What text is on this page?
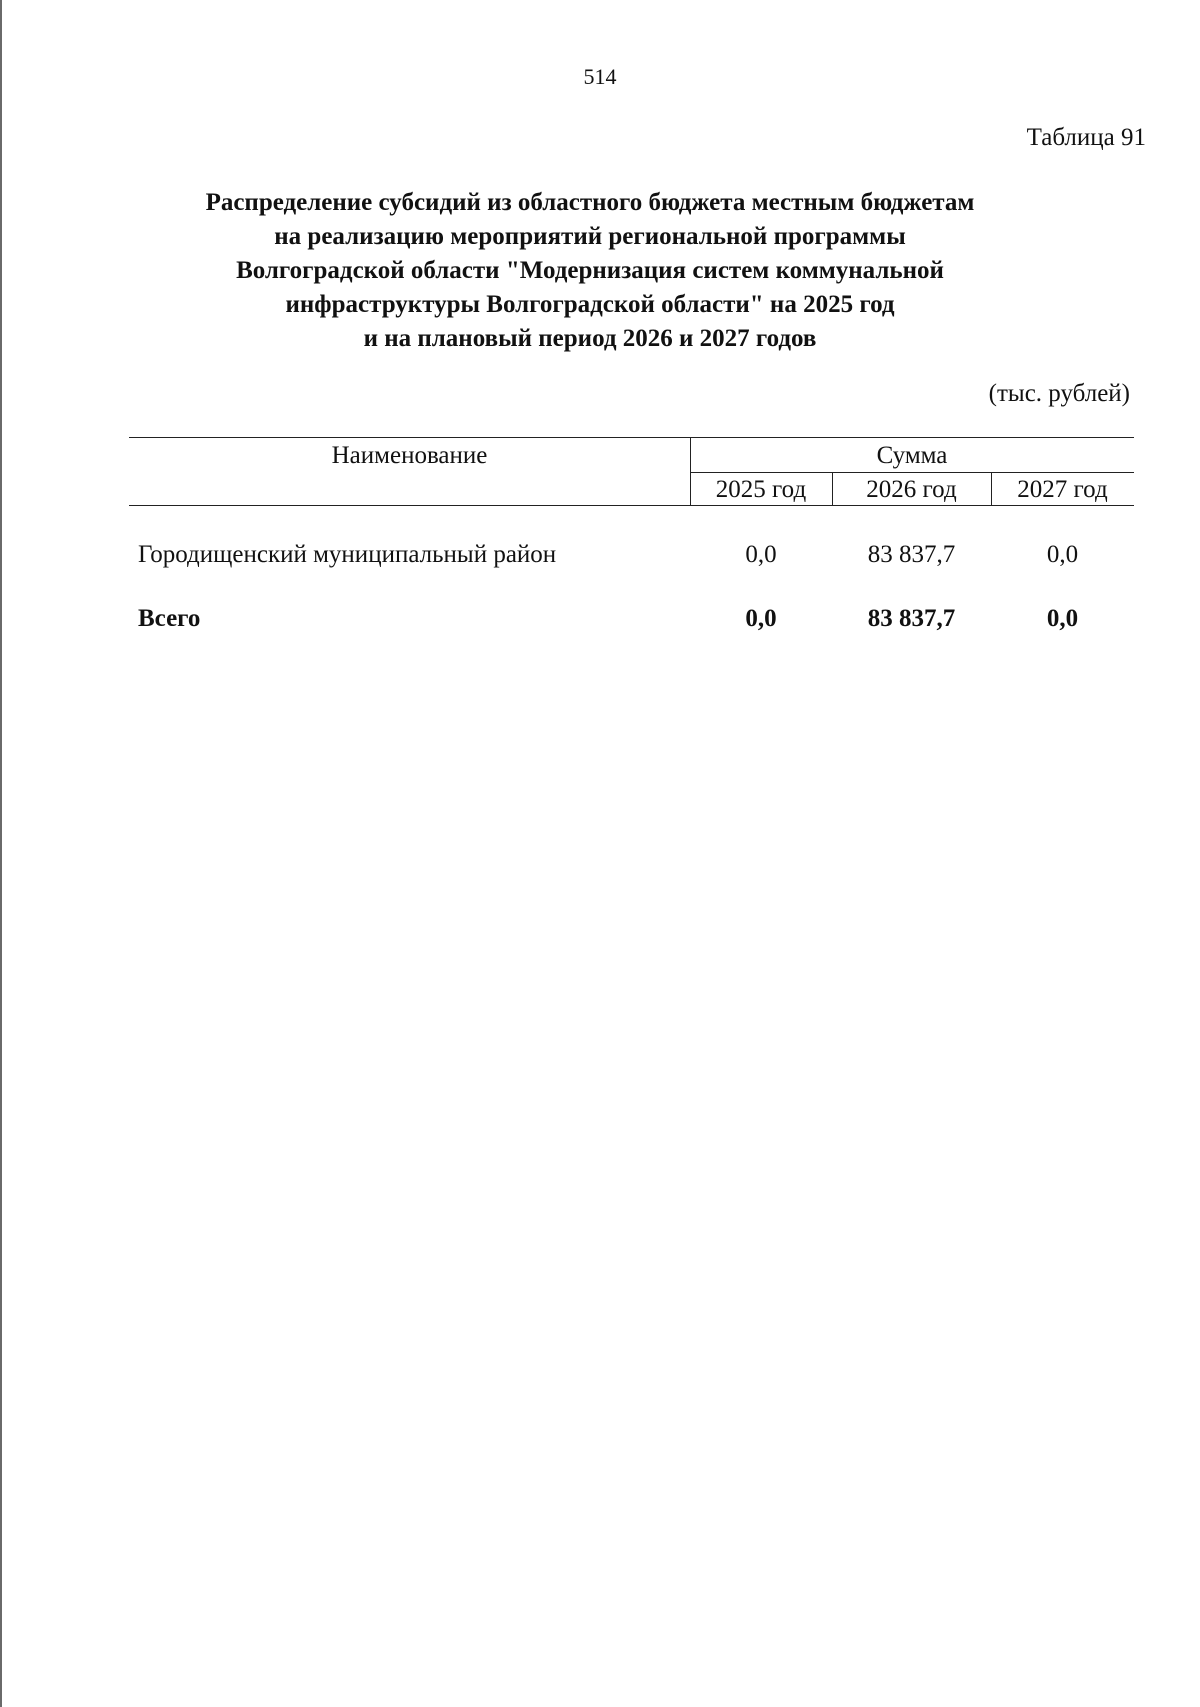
514
Таблица 91
Распределение субсидий из областного бюджета местным бюджетам
на реализацию мероприятий региональной программы
Волгоградской области "Модернизация систем коммунальной
инфраструктуры Волгоградской области" на 2025 год
и на плановый период 2026 и 2027 годов
(тыс. рублей)
Наименование	Сумма
2025 год	2026 год	2027 год
Городищенский муниципальный район	0,0	83 837,7	0,0
Всего	0,0	83 837,7	0,0
